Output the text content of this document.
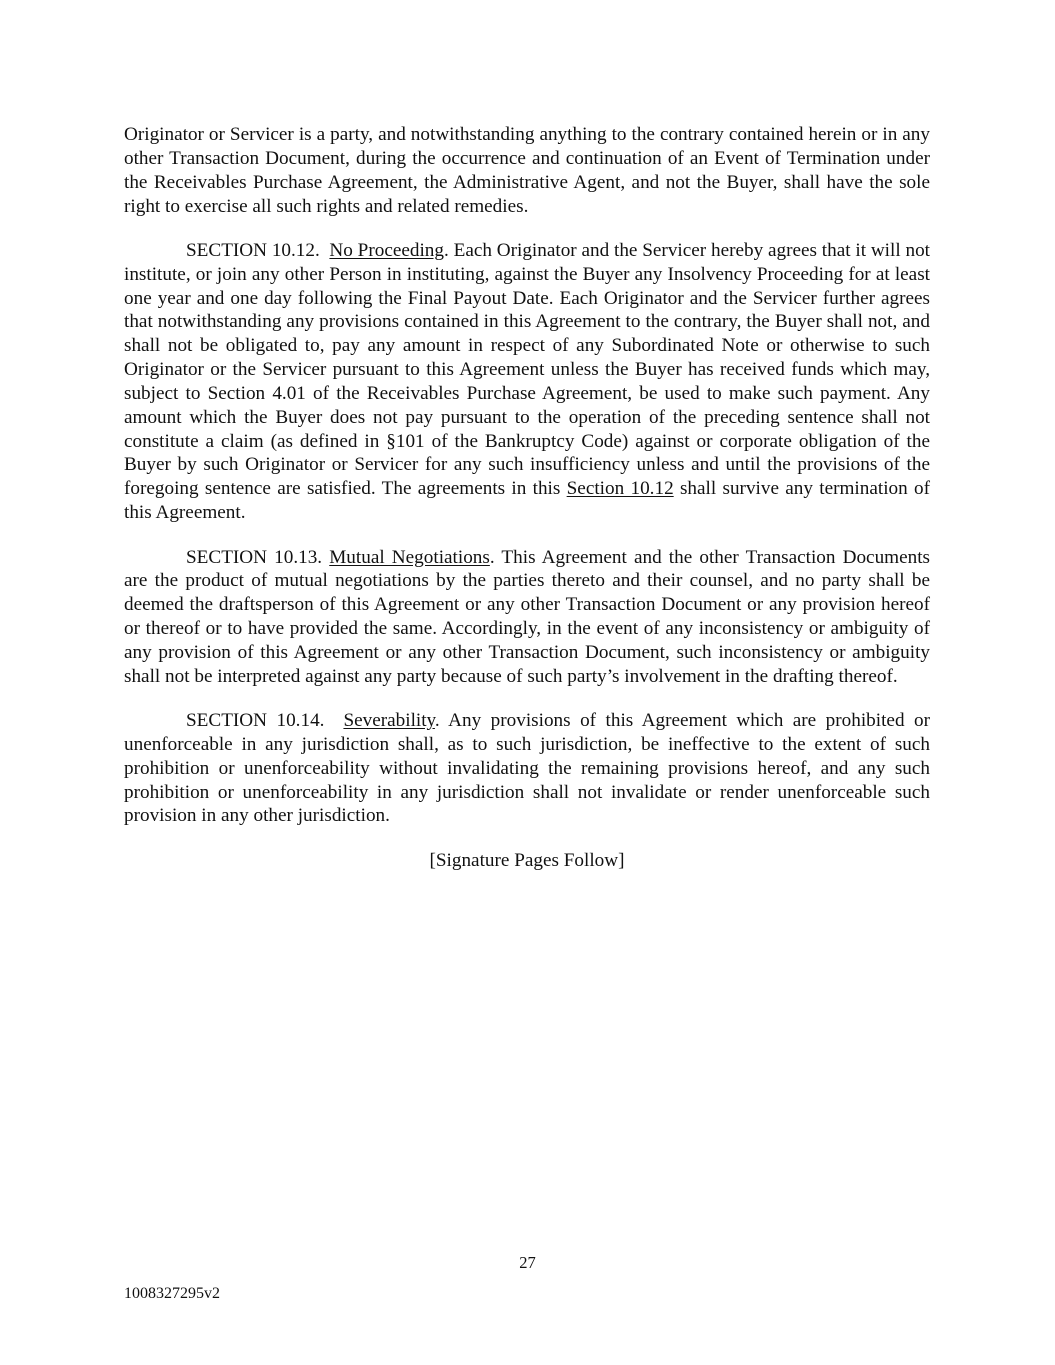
Originator or Servicer is a party, and notwithstanding anything to the contrary contained herein or in any other Transaction Document, during the occurrence and continuation of an Event of Termination under the Receivables Purchase Agreement, the Administrative Agent, and not the Buyer, shall have the sole right to exercise all such rights and related remedies.

SECTION 10.12. No Proceeding. Each Originator and the Servicer hereby agrees that it will not institute, or join any other Person in instituting, against the Buyer any Insolvency Proceeding for at least one year and one day following the Final Payout Date. Each Originator and the Servicer further agrees that notwithstanding any provisions contained in this Agreement to the contrary, the Buyer shall not, and shall not be obligated to, pay any amount in respect of any Subordinated Note or otherwise to such Originator or the Servicer pursuant to this Agreement unless the Buyer has received funds which may, subject to Section 4.01 of the Receivables Purchase Agreement, be used to make such payment. Any amount which the Buyer does not pay pursuant to the operation of the preceding sentence shall not constitute a claim (as defined in §101 of the Bankruptcy Code) against or corporate obligation of the Buyer by such Originator or Servicer for any such insufficiency unless and until the provisions of the foregoing sentence are satisfied. The agreements in this Section 10.12 shall survive any termination of this Agreement.

SECTION 10.13. Mutual Negotiations. This Agreement and the other Transaction Documents are the product of mutual negotiations by the parties thereto and their counsel, and no party shall be deemed the draftsperson of this Agreement or any other Transaction Document or any provision hereof or thereof or to have provided the same. Accordingly, in the event of any inconsistency or ambiguity of any provision of this Agreement or any other Transaction Document, such inconsistency or ambiguity shall not be interpreted against any party because of such party’s involvement in the drafting thereof.

SECTION 10.14. Severability. Any provisions of this Agreement which are prohibited or unenforceable in any jurisdiction shall, as to such jurisdiction, be ineffective to the extent of such prohibition or unenforceability without invalidating the remaining provisions hereof, and any such prohibition or unenforceability in any jurisdiction shall not invalidate or render unenforceable such provision in any other jurisdiction.

[Signature Pages Follow]

27
1008327295v2
